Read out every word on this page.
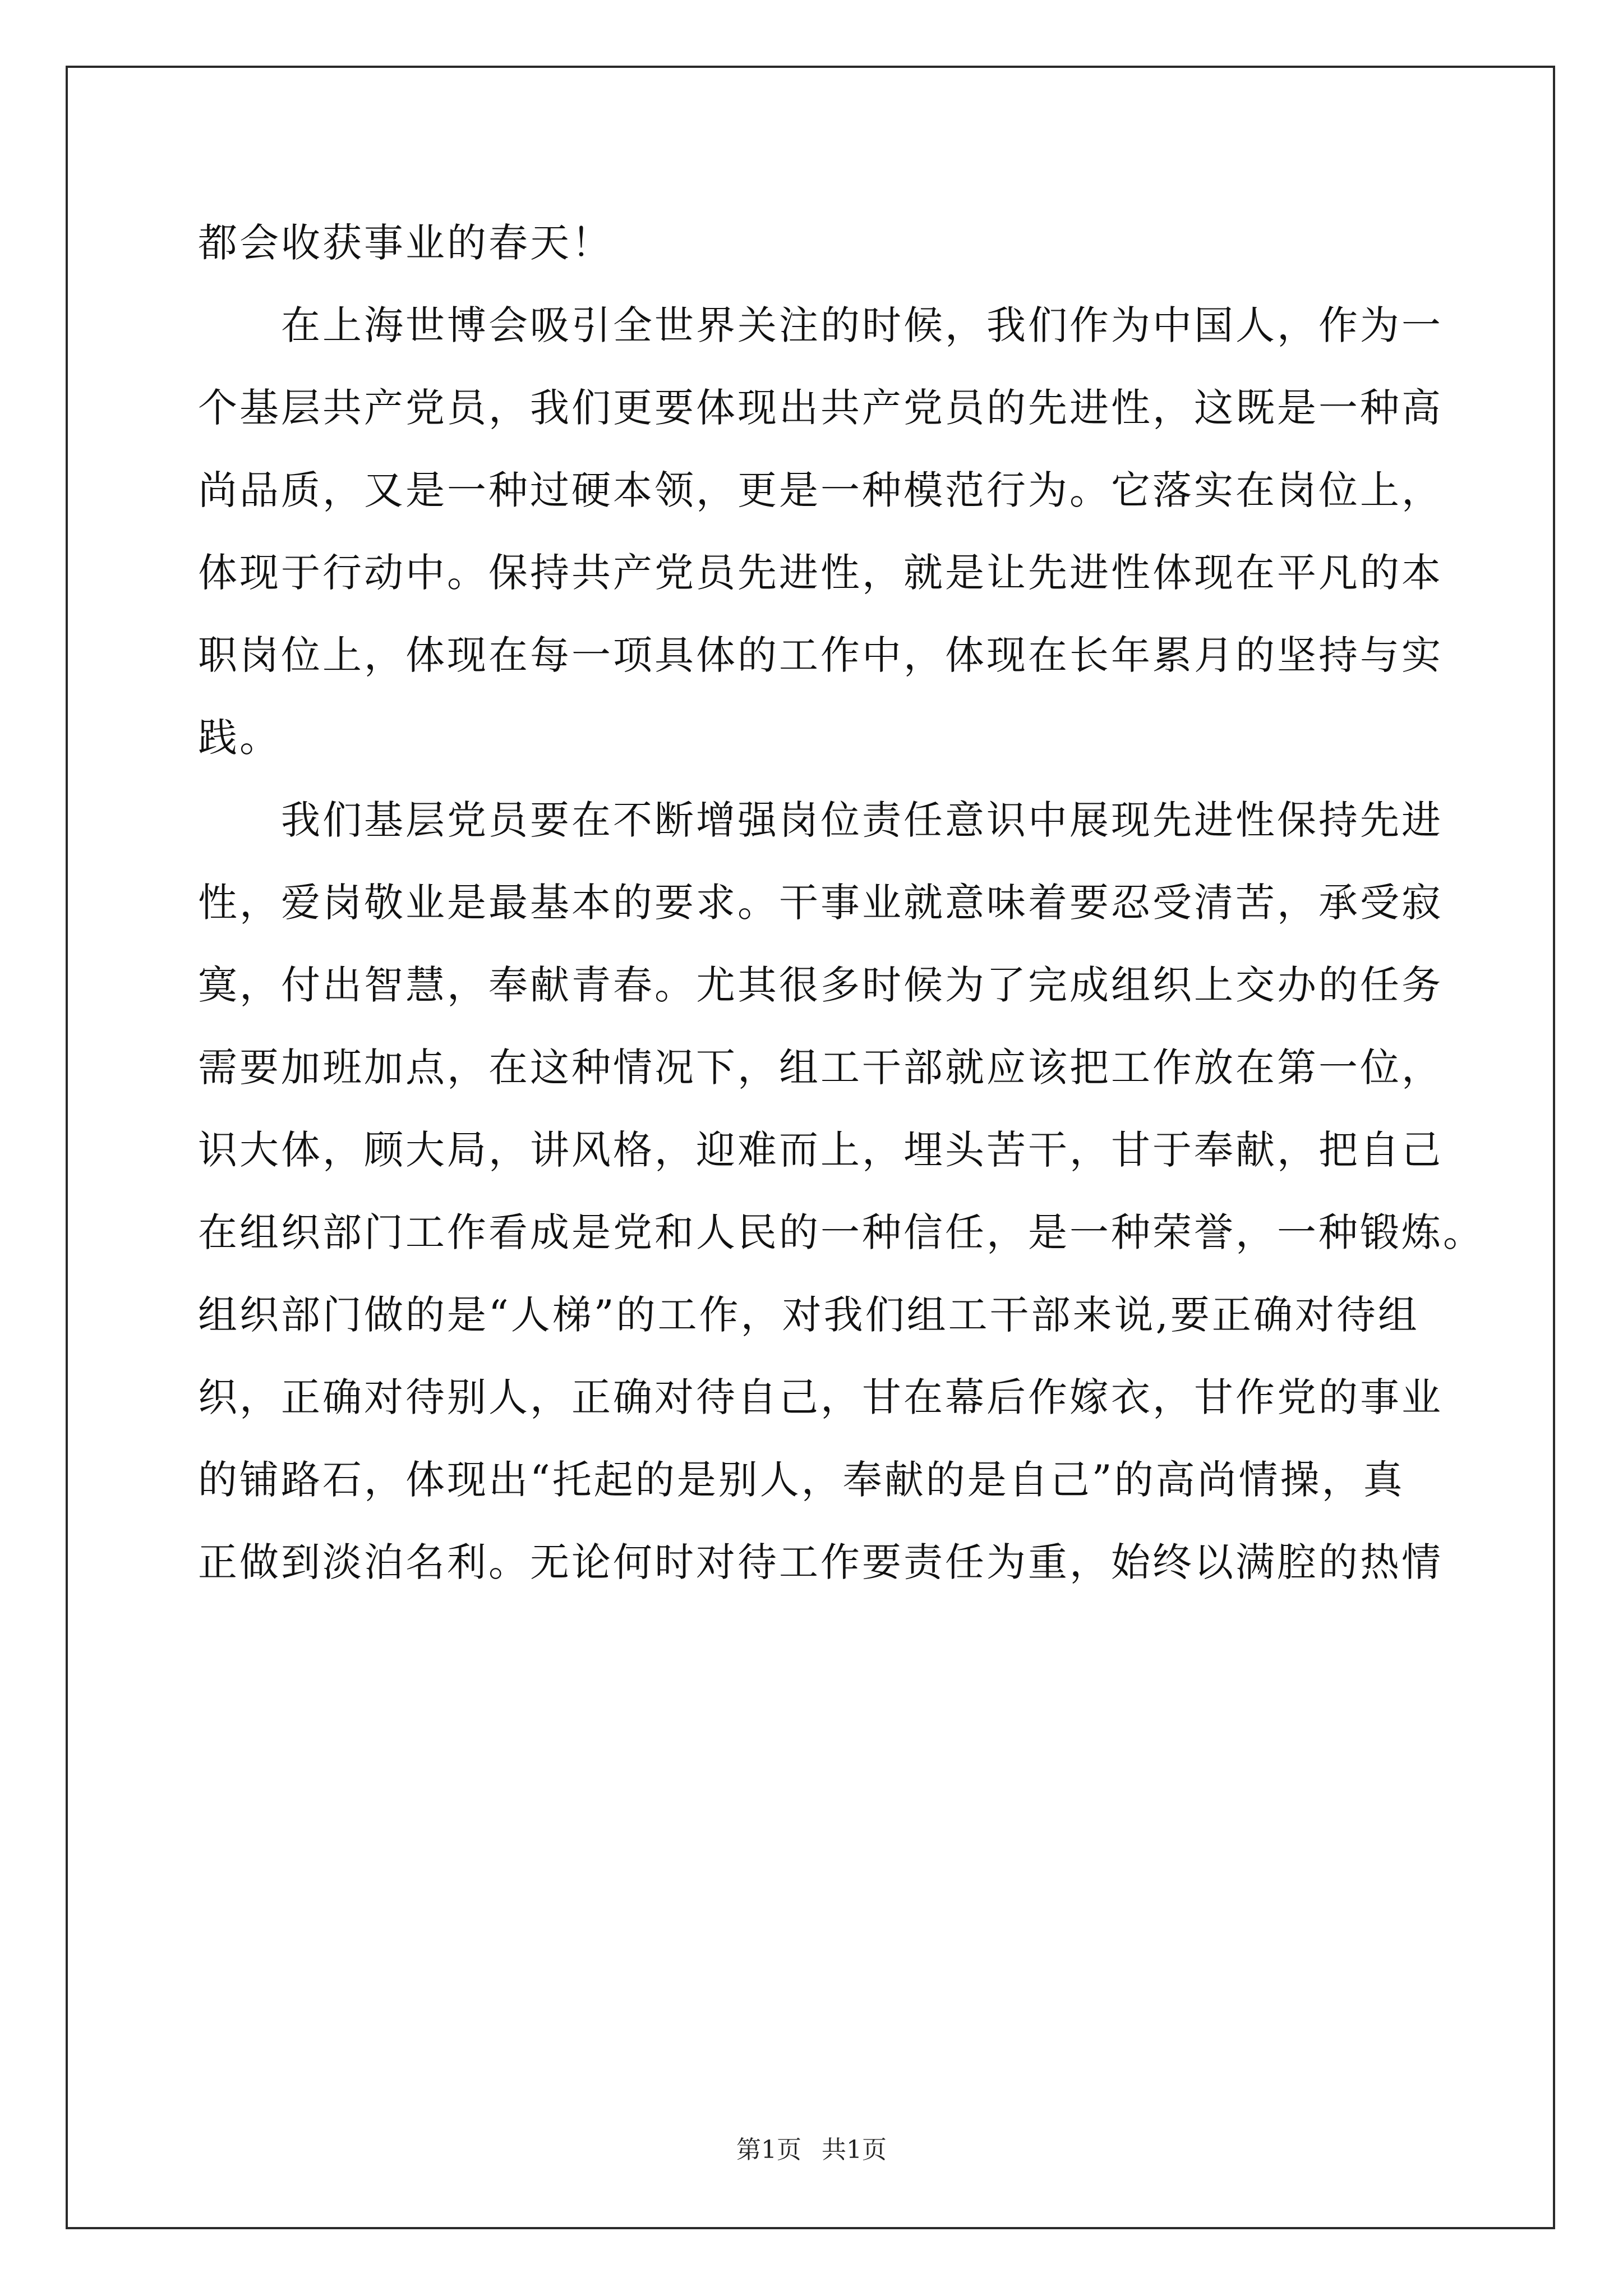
都会收获事业的春天！
在上海世博会吸引全世界关注的时候，我们作为中国人，作为一
个基层共产党员，我们更要体现出共产党员的先进性，这既是一种高
尚品质，又是一种过硬本领，更是一种模范行为。它落实在岗位上，
体现于行动中。保持共产党员先进性，就是让先进性体现在平凡的本
职岗位上，体现在每一项具体的工作中，体现在长年累月的坚持与实
践。
我们基层党员要在不断增强岗位责任意识中展现先进性保持先进
性，爱岗敬业是最基本的要求。干事业就意味着要忍受清苦，承受寂
寞，付出智慧，奉献青春。尤其很多时候为了完成组织上交办的任务
需要加班加点，在这种情况下，组工干部就应该把工作放在第一位，
识大体，顾大局，讲风格，迎难而上，埋头苦干，甘于奉献，把自己
在组织部门工作看成是党和人民的一种信任，是一种荣誉，一种锻炼。
组织部门做的是“人梯”的工作，对我们组工干部来说,要正确对待组
织，正确对待别人，正确对待自己，甘在幕后作嫁衣，甘作党的事业
的铺路石，体现出“托起的是别人，奉献的是自己”的高尚情操，真
正做到淡泊名利。无论何时对待工作要责任为重，始终以满腔的热情
第1页 共1页
